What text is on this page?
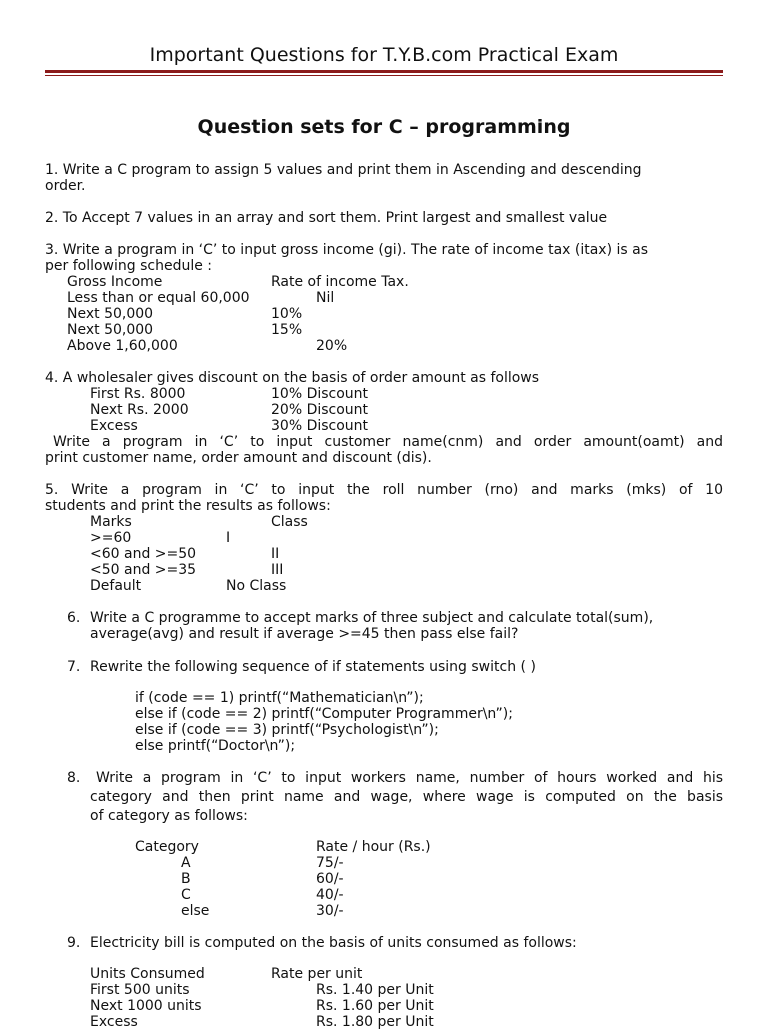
Important Questions for T.Y.B.com Practical Exam
Question sets for C – programming
1. Write a C program to assign 5 values and print them in Ascending and descending
order.
2. To Accept 7 values in an array and sort them. Print largest and smallest value
3. Write a program in ‘C’ to input gross income (gi). The rate of income tax (itax) is as
per following schedule :
Gross Income	Rate of income Tax.
Less than or equal 60,000	Nil
Next 50,000	10%
Next 50,000	15%
Above 1,60,000	20%
4. A wholesaler gives discount on the basis of order amount as follows
First Rs. 8000	10% Discount
Next Rs. 2000	20% Discount
Excess	30% Discount
Write a program in ‘C’ to input customer name(cnm) and order amount(oamt) and
print customer name, order amount and discount (dis).
5. Write a program in ‘C’ to input the roll number (rno) and marks (mks) of 10
students and print the results as follows:
Marks	Class
>=60	I
<60 and >=50	II
<50 and >=35	III
Default	No Class
6. Write a C programme to accept marks of three subject and calculate total(sum),
average(avg) and result if average >=45 then pass else fail?
7. Rewrite the following sequence of if statements using switch ( )
if (code == 1) printf(“Mathematician\n”);
else if (code == 2) printf(“Computer Programmer\n”);
else if (code == 3) printf(“Psychologist\n”);
else printf(“Doctor\n”);
8. Write a program in ‘C’ to input workers name, number of hours worked and his
category and then print name and wage, where wage is computed on the basis
of category as follows:
Category	Rate / hour (Rs.)
A	75/-
B	60/-
C	40/-
else	30/-
9. Electricity bill is computed on the basis of units consumed as follows:
Units Consumed	Rate per unit
First 500 units	Rs. 1.40 per Unit
Next 1000 units	Rs. 1.60 per Unit
Excess	Rs. 1.80 per Unit
